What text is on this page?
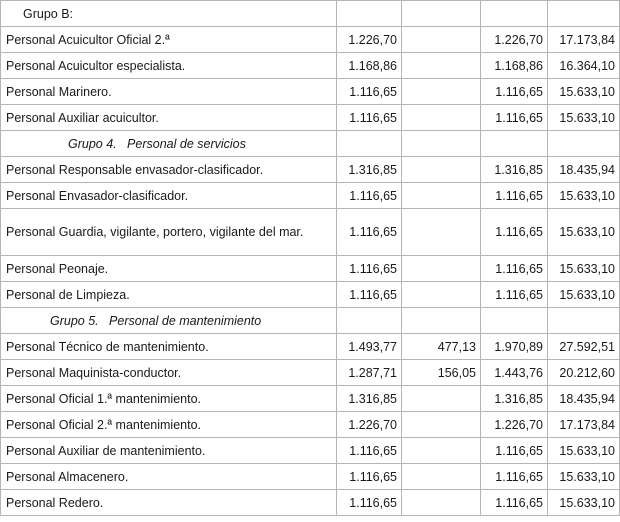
Grupo B:				
Personal Acuicultor Oficial 2.ª	1.226,70		1.226,70	17.173,84
Personal Acuicultor especialista.	1.168,86		1.168,86	16.364,10
Personal Marinero.	1.116,65		1.116,65	15.633,10
Personal Auxiliar acuicultor.	1.116,65		1.116,65	15.633,10
Grupo 4.   Personal de servicios				
Personal Responsable envasador-clasificador.	1.316,85		1.316,85	18.435,94
Personal Envasador-clasificador.	1.116,65		1.116,65	15.633,10
Personal Guardia, vigilante, portero, vigilante del mar.	1.116,65		1.116,65	15.633,10
Personal Peonaje.	1.116,65		1.116,65	15.633,10
Personal de Limpieza.	1.116,65		1.116,65	15.633,10
Grupo 5.   Personal de mantenimiento				
Personal Técnico de mantenimiento.	1.493,77	477,13	1.970,89	27.592,51
Personal Maquinista-conductor.	1.287,71	156,05	1.443,76	20.212,60
Personal Oficial 1.ª mantenimiento.	1.316,85		1.316,85	18.435,94
Personal Oficial 2.ª mantenimiento.	1.226,70		1.226,70	17.173,84
Personal Auxiliar de mantenimiento.	1.116,65		1.116,65	15.633,10
Personal Almacenero.	1.116,65		1.116,65	15.633,10
Personal Redero.	1.116,65		1.116,65	15.633,10
